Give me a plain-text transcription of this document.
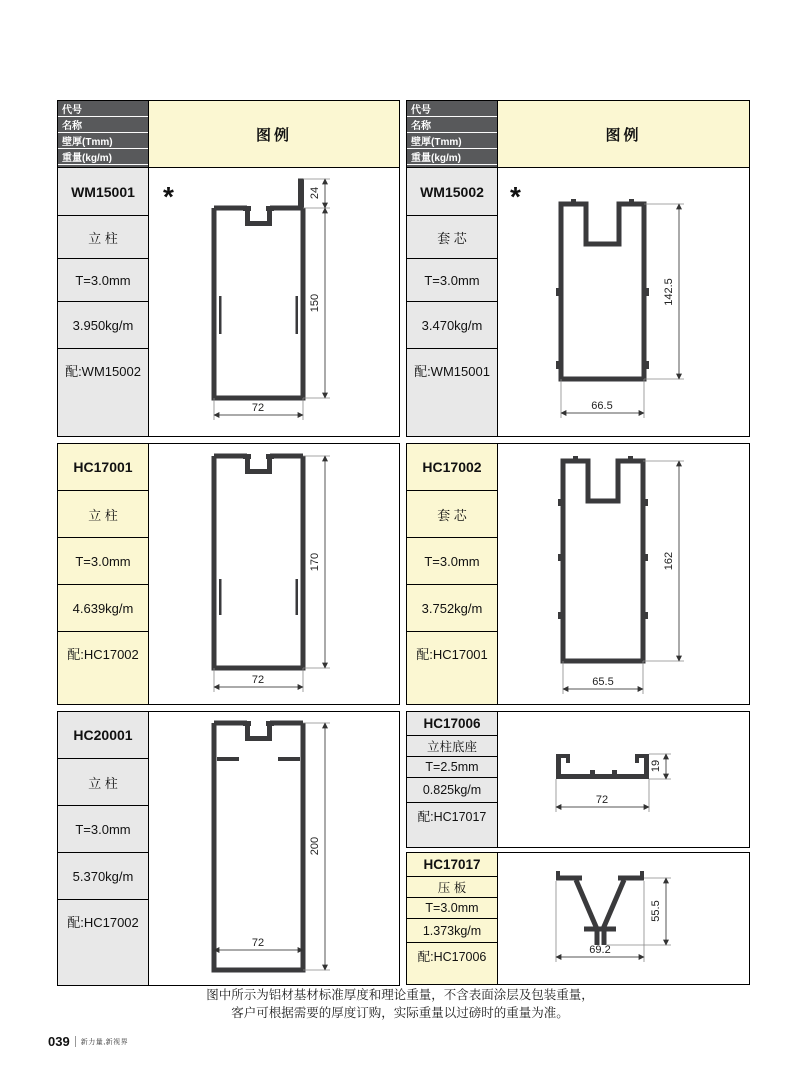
代号
名称
壁厚(Tmm)
重量(kg/m)
图例
WM15001
立 柱
T=3.0mm
3.950kg/m
配:WM15002
*	24
150
72
HC17001
立 柱
T=3.0mm
4.639kg/m
配:HC17002
170
72
HC20001
立 柱
T=3.0mm
5.370kg/m
配:HC17002
200
72
代号
名称
壁厚(Tmm)
重量(kg/m)
图例
WM15002
套 芯
T=3.0mm
3.470kg/m
配:WM15001
*
142.5
66.5
HC17002
套 芯
T=3.0mm
3.752kg/m
配:HC17001
162
65.5
HC17006
立柱底座
T=2.5mm
0.825kg/m
配:HC17017
19
72
HC17017
压 板
T=3.0mm
1.373kg/m
配:HC17006
55.5
69.2
图中所示为铝材基材标准厚度和理论重量，不含表面涂层及包装重量，
客户可根据需要的厚度订购，实际重量以过磅时的重量为准。
039 新力量,新视界
